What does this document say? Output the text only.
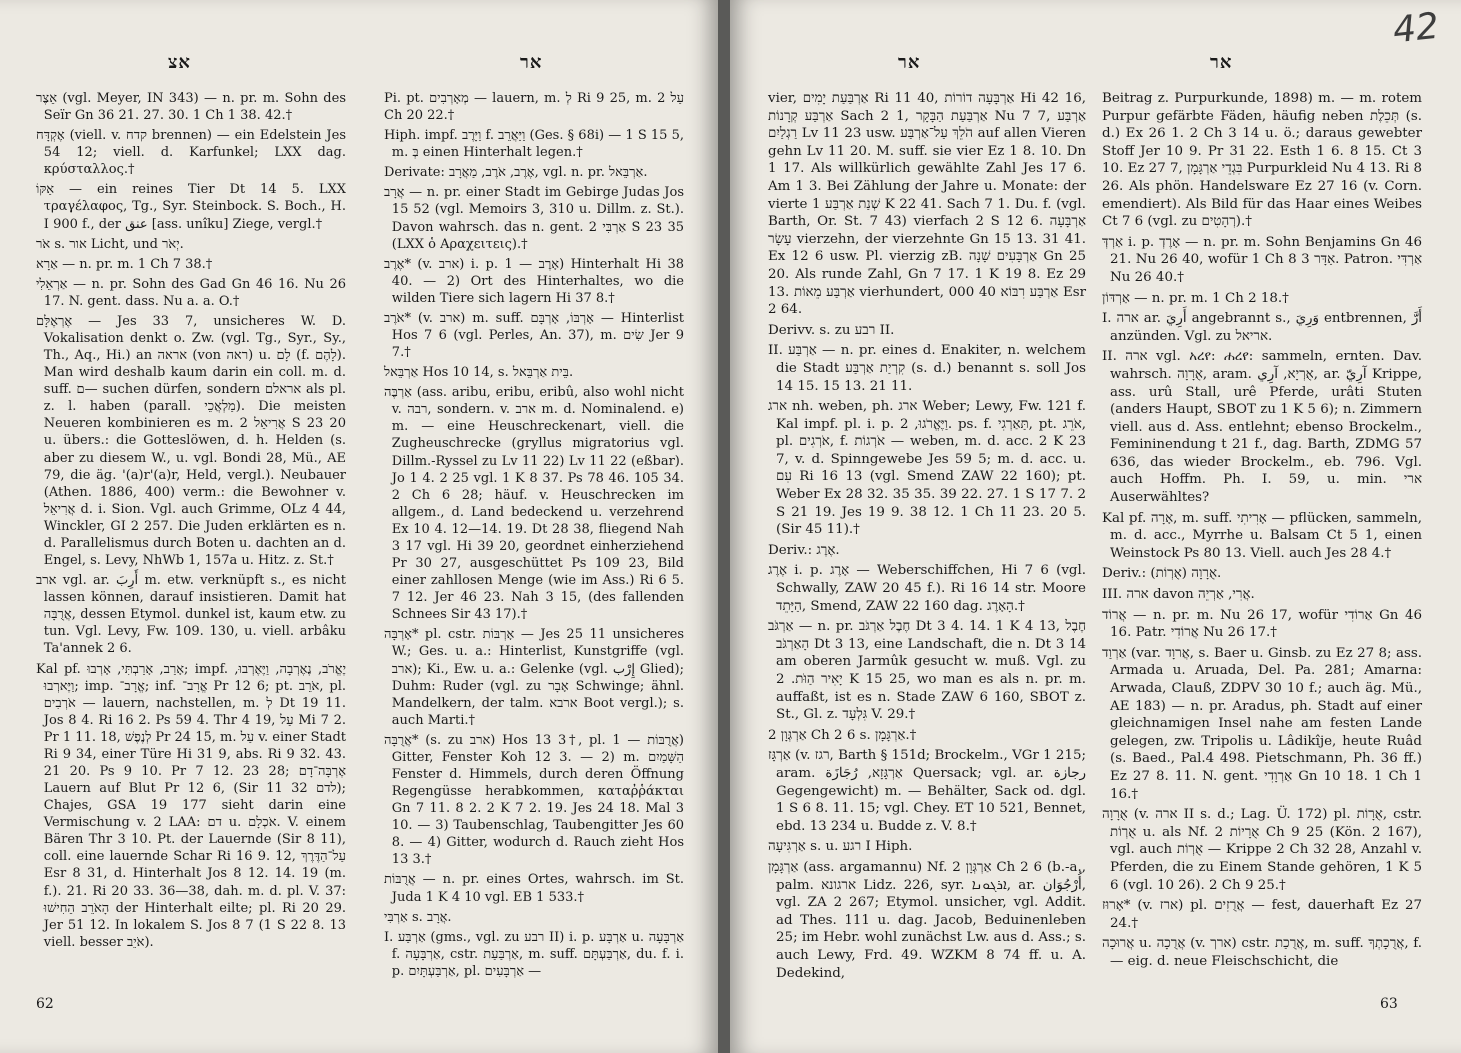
אצ	אר

אֵצֶר (vgl. Meyer, IN 343) — n. pr. m. Sohn des Seïr Gn 36 21. 27. 30. 1 Ch 1 38. 42.†

אֶקְדָּח (viell. v. קדח brennen) — ein Edelstein Jes 54 12; viell. d. Karfunkel; LXX dag. κρύσταλλος.†

אַקּוֹ — ein reines Tier Dt 14 5. LXX τραγέλαφος, Tg., Syr. Steinbock. S. Boch., H. I 900 f., der عنق [ass. unîku] Ziege, vergl.†

אֹר s. אור Licht, und יְאֹר.

אַרָא — n. pr. m. 1 Ch 7 38.†

אַרְאֵלִי — n. pr. Sohn des Gad Gn 46 16. Nu 26 17. N. gent. dass. Nu a. a. O.†

אֶרְאֶלָּם — Jes 33 7, unsicheres W. D. Vokalisation denkt o. Zw. (vgl. Tg., Syr., Sy., Th., Aq., Hi.) an אראה (von ראה) u. לָם (f. לָהֶם). Man wird deshalb kaum darin ein coll. m. d. suff. ם— suchen dürfen, sondern אראלם als pl. z. l. haben (parall. מַלְאֲכֵי). Die meisten Neueren kombinieren es m. אֲרִיאֵל 2 S 23 20 u. übers.: die Gotteslöwen, d. h. Helden (s. aber zu diesem W., u. vgl. Bondi 28, Mü., AE 79, die äg. '(a)r'(a)r, Held, vergl.). Neubauer (Athen. 1886, 400) verm.: die Bewohner v. אֲרִיאֵל d. i. Sion. Vgl. auch Grimme, OLz 4 44, Winckler, GI 2 257. Die Juden erklärten es n. d. Parallelismus durch Boten u. dachten an d. Engel, s. Levy, NhWb 1, 157a u. Hitz. z. St.†

ארב vgl. ar. أَرِبَ m. etw. verknüpft s., es nicht lassen können, darauf insistieren. Damit hat אֲרֻבָּה, dessen Etymol. dunkel ist, kaum etw. zu tun. Vgl. Levy, Fw. 109. 130, u. viell. arbâku Ta'annek 2 6.

Kal pf. אָרַב, אָרַבְתִּי, אָרְבוּ; impf. יֶאֱרֹב, נֶאֶרְבָה, וַיֶּאֶרְבוּ, וַיֶּארְבוּ; imp. אֱרָב־; inf. אֱרָב־ Pr 12 6; pt. אֹרֵב, pl. אֹרְבִים — lauern, nachstellen, m. לְ Dt 19 11. Jos 8 4. Ri 16 2. Ps 59 4. Thr 4 19, עַל Mi 7 2. Pr 1 11. 18, לְנֶפֶשׁ Pr 24 15, m. עַל v. einer Stadt Ri 9 34, einer Türe Hi 31 9, abs. Ri 9 32. 43. 21 20. Ps 9 10. Pr 7 12. 23 28; אֶרְבָּה־דָם Lauern auf Blut Pr 12 6, (Sir 11 32 לדם); Chajes, GSA 19 177 sieht darin eine Vermischung v. 2 LAA: דם u. אֹכְלָם. V. einem Bären Thr 3 10. Pt. der Lauernde (Sir 8 11), coll. eine lauernde Schar Ri 16 9. 12, עַל־הַדֶּרֶךְ Esr 8 31, d. Hinterhalt Jos 8 12. 14. 19 (m. f.). 21. Ri 20 33. 36—38, dah. m. d. pl. V. 37: הָאֹרֵב הֵחִישׁוּ der Hinterhalt eilte; pl. Ri 20 29. Jer 51 12. In lokalem S. Jos 8 7 (1 S 22 8. 13 viell. besser אֹיֵב).

Pi. pt. מְאָרְבִים — lauern, m. לְ Ri 9 25, m. עַל 2 Ch 20 22.†

Hiph. impf. וַיָּרֶב f. וַיַּאֲרֵב (Ges. § 68i) — 1 S 15 5, m. בְּ einen Hinterhalt legen.†

Derivate: אֶרֶב, אֹרֶב, מַאֲרָב, vgl. n. pr. אַרְבֵּאל.

אֲרָב — n. pr. einer Stadt im Gebirge Judas Jos 15 52 (vgl. Memoirs 3, 310 u. Dillm. z. St.). Davon wahrsch. das n. gent. אַרְבִּי 2 S 23 35 (LXX ὁ Αραχειτεις).†

אֶרֶב* (v. ארב) i. p. אָרֶב — 1) Hinterhalt Hi 38 40. — 2) Ort des Hinterhaltes, wo die wilden Tiere sich lagern Hi 37 8.†

אֹרֶב* (v. ארב) m. suff. אָרְבּוֹ, אָרְבָּם — Hinterlist Hos 7 6 (vgl. Perles, An. 37), m. שִׂים Jer 9 7.†

אַרְבֵּאל Hos 10 14, s. בֵּית אַרְבֵּאל.

אַרְבֶּה (ass. aribu, eribu, eribû, also wohl nicht v. רבה, sondern. v. ארב m. d. Nominalend. e) m. — eine Heuschreckenart, viell. die Zugheuschrecke (gryllus migratorius vgl. Dillm.-Ryssel zu Lv 11 22) Lv 11 22 (eßbar). Jo 1 4. 2 25 vgl. 1 K 8 37. Ps 78 46. 105 34. 2 Ch 6 28; häuf. v. Heuschrecken im allgem., d. Land bedeckend u. verzehrend Ex 10 4. 12—14. 19. Dt 28 38, fliegend Nah 3 17 vgl. Hi 39 20, geordnet einherziehend Pr 30 27, ausgeschüttet Ps 109 23, Bild einer zahllosen Menge (wie im Ass.) Ri 6 5. 7 12. Jer 46 23. Nah 3 15, (des fallenden Schnees Sir 43 17).†

אָרְבָּה* pl. cstr. אָרְבּוֹת — Jes 25 11 unsicheres W.; Ges. u. a.: Hinterlist, Kunstgriffe (vgl. ארב); Ki., Ew. u. a.: Gelenke (vgl. إِرْب Glied); Duhm: Ruder (vgl. zu אָבָר Schwinge; ähnl. Mandelkern, der talm. ארבא Boot vergl.); s. auch Marti.†

אֲרֻבָּה* (s. zu ארב) Hos 13 3†, pl. אֲרֻבּוֹת — 1) Gitter, Fenster Koh 12 3. — 2) m. הַשָּׁמַיִם Fenster d. Himmels, durch deren Öffnung Regengüsse herabkommen, καταῤῥάκται Gn 7 11. 8 2. 2 K 7 2. 19. Jes 24 18. Mal 3 10. — 3) Taubenschlag, Taubengitter Jes 60 8. — 4) Gitter, wodurch d. Rauch zieht Hos 13 3.†

אֲרֻבּוֹת — n. pr. eines Ortes, wahrsch. im St. Juda 1 K 4 10 vgl. EB 1 533.†

אַרְבִּי s. אֲרָב.

I. אַרְבַּע (gms., vgl. zu רבע II) i. p. אַרְבָּע u. אַרְבָּעָה f. אַרְבָּעָה, cstr. אַרְבַּעַת, m. suff. אַרְבַּעְתָּם, du. f. i. p. אַרְבַּעְתָּיִם, pl. אַרְבָּעִים —

62
אר	אר
42

vier, אַרְבַּעַת יָמִים Ri 11 40, אַרְבָּעָה דוֹרוֹת Hi 42 16, אַרְבַּע קְרָנוֹת Sach 2 1, אַרְבַּעַת הַבָּקָר Nu 7 7, אַרְבַּע רַגְלַיִם Lv 11 23 usw. הֹלֵךְ עַל־אַרְבַּע auf allen Vieren gehn Lv 11 20. M. suff. sie vier Ez 1 8. 10. Dn 1 17. Als willkürlich gewählte Zahl Jes 17 6. Am 1 3. Bei Zählung der Jahre u. Monate: der vierte שְׁנַת אַרְבַּע 1 K 22 41. Sach 7 1. Du. f. (vgl. Barth, Or. St. 7 43) vierfach 2 S 12 6. אַרְבָּעָה עָשָׂר vierzehn, der vierzehnte Gn 15 13. 31 41. Ex 12 6 usw. Pl. vierzig zB. אַרְבָּעִים שָׁנָה Gn 25 20. Als runde Zahl, Gn 7 17. 1 K 19 8. Ez 29 13. אַרְבַּע מֵאוֹת vierhundert, אַרְבַּע רִבּוֹא 40 000 Esr 2 64.

Derivv. s. zu רבע II.

II. אַרְבַּע — n. pr. eines d. Enakiter, n. welchem die Stadt קִרְיַת אַרְבַּע (s. d.) benannt s. soll Jos 14 15. 15 13. 21 11.

ארג nh. weben, ph. ארג Weber; Lewy, Fw. 121 f. Kal impf. pl. i. p. וַיֶּאֱרֹגוּ, 2. ps. f. תַּאַרְגִי, pt. אֹרֵג, pl. אֹרְגִים, f. אֹרְגוֹת — weben, m. d. acc. 2 K 23 7, v. d. Spinngewebe Jes 59 5; m. d. acc. u. עִם Ri 16 13 (vgl. Smend ZAW 22 160); pt. Weber Ex 28 32. 35 35. 39 22. 27. 1 S 17 7. 2 S 21 19. Jes 19 9. 38 12. 1 Ch 11 23. 20 5. (Sir 45 11).†

Deriv.: אֶרֶג.

אֶרֶג i. p. אָרֶג — Weberschiffchen, Hi 7 6 (vgl. Schwally, ZAW 20 45 f.). Ri 16 14 str. Moore הַיָּתֵד, Smend, ZAW 22 160 dag. הָאָרֶג.†

אַרְגֹּב — n. pr. חֶבֶל אַרְגֹּב Dt 3 4. 14. 1 K 4 13, חֶבֶל הָאַרְגֹּב Dt 3 13, eine Landschaft, die n. Dt 3 14 am oberen Jarmûk gesucht w. muß. Vgl. zu יָאִיר הַוֺּת. 2 K 15 25, wo man es als n. pr. m. auffaßt, ist es n. Stade ZAW 6 160, SBOT z. St., Gl. z. גִּלְעָד V. 29.†

אַרְגְּוָן 2 Ch 2 6 s. אַרְגָּמָן.†

אַרְגָּז (v. רגז, Barth § 151d; Brockelm., VGr 1 215; aram. אַרְגָּזָא, رُجَازَة Quersack; vgl. ar. رجازة Gegengewicht) m. — Behälter, Sack od. dgl. 1 S 6 8. 11. 15; vgl. Chey. ET 10 521, Bennet, ebd. 13 234 u. Budde z. V. 8.†

אַרְגִּיעָה s. u. רגע I Hiph.

אַרְגָּמָן (ass. argamannu) Nf. אַרְגְּוָן 2 Ch 2 6 (b.-a., palm. ארגונא Lidz. 226, syr. ܐܪܓܘܢܐ, ar. أُرْجُوَان, vgl. ZA 2 267; Etymol. unsicher, vgl. Addit. ad Thes. 111 u. dag. Jacob, Beduinenleben 25; im Hebr. wohl zunächst Lw. aus d. Ass.; s. auch Lewy, Frd. 49. WZKM 8 74 ff. u. A. Dedekind,

Beitrag z. Purpurkunde, 1898) m. — m. rotem Purpur gefärbte Fäden, häufig neben תְּכֵלֶת (s. d.) Ex 26 1. 2 Ch 3 14 u. ö.; daraus gewebter Stoff Jer 10 9. Pr 31 22. Esth 1 6. 8 15. Ct 3 10. Ez 27 7, בִּגְדֵי אַרְגָּמָן Purpurkleid Nu 4 13. Ri 8 26. Als phön. Handelsware Ez 27 16 (v. Corn. emendiert). Als Bild für das Haar eines Weibes Ct 7 6 (vgl. zu רְהָטִים).†

אַרְדְּ i. p. אָרֶדְ — n. pr. m. Sohn Benjamins Gn 46 21. Nu 26 40, wofür 1 Ch 8 3 אַדָּר. Patron. אַרְדִּי Nu 26 40.†

אַרְדּוֹן — n. pr. m. 1 Ch 2 18.†

I. ארה ar. أَرِيَ angebrannt s., وَرِيَ entbrennen, أَرَّ anzünden. Vgl. zu אריאל.

II. ארה vgl. አረየ: ሐረየ: sammeln, ernten. Dav. wahrsch. אֻרָוָה, aram. אֻרְיָא, آرِي, ar. آرِيّ Krippe, ass. urû Stall, urê Pferde, urâti Stuten (anders Haupt, SBOT zu 1 K 5 6); n. Zimmern viell. aus d. Ass. entlehnt; ebenso Brockelm., Femininendung t 21 f., dag. Barth, ZDMG 57 636, das wieder Brockelm., eb. 796. Vgl. auch Hoffm. Ph. I. 59, u. min. ארי Auserwähltes?

Kal pf. אָרָה, m. suff. אָרִיתִי — pflücken, sammeln, m. d. acc., Myrrhe u. Balsam Ct 5 1, einen Weinstock Ps 80 13. Viell. auch Jes 28 4.†

Deriv.: (אֻרְוֹת) אֻרָוָה.

III. ארה davon אֲרִי, אַרְיֵה.

אֲרוֹד — n. pr. m. Nu 26 17, wofür אַרוֹדִי Gn 46 16. Patr. אֲרוֹדִי Nu 26 17.†

אַרְוַד (var. אֲרוָד, s. Baer u. Ginsb. zu Ez 27 8; ass. Armada u. Aruada, Del. Pa. 281; Amarna: Arwada, Clauß, ZDPV 30 10 f.; auch äg. Mü., AE 183) — n. pr. Aradus, ph. Stadt auf einer gleichnamigen Insel nahe am festen Lande gelegen, zw. Tripolis u. Lâdikîje, heute Ruâd (s. Baed., Pal.4 498. Pietschmann, Ph. 36 ff.) Ez 27 8. 11. N. gent. אַרְוָדִי Gn 10 18. 1 Ch 1 16.†

אֻרָוָה (v. ארה II s. d.; Lag. Ü. 172) pl. אֻרָוֹת, cstr. אֻרְוֹת u. als Nf. אֻרָיוֹת 2 Ch 9 25 (Kön. 2 167), vgl. auch אֻרְוֹת — Krippe 2 Ch 32 28, Anzahl v. Pferden, die zu Einem Stande gehören, 1 K 5 6 (vgl. 10 26). 2 Ch 9 25.†

אָרוּז* (v. ארז) pl. אֲרֻזִים — fest, dauerhaft Ez 27 24.†

אֲרוּכָה u. אֲרֻכָה (v. ארך) cstr. אֲרֻכַת, m. suff. אֲרֻכָתְךָ, f. — eig. d. neue Fleischschicht, die

63
